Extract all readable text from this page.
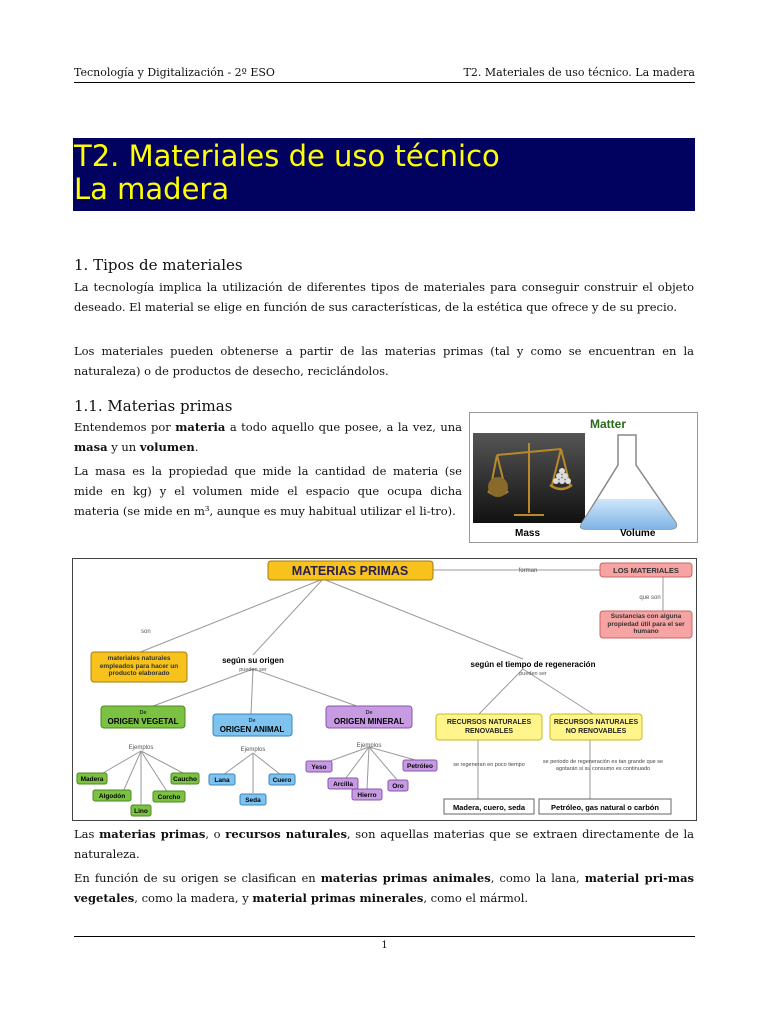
Tecnología y Digitalización - 2º ESO	T2. Materiales de uso técnico. La madera
T2. Materiales de uso técnico
La madera
1. Tipos de materiales

La tecnología implica la utilización de diferentes tipos de materiales para conseguir construir el objeto deseado. El material se elige en función de sus características, de la estética que ofrece y de su precio.

Los materiales pueden obtenerse a partir de las materias primas (tal y como se encuentran en la naturaleza) o de productos de desecho, reciclándolos.

1.1. Materias primas

Entendemos por materia a todo aquello que posee, a la vez, una masa y un volumen.

La masa es la propiedad que mide la cantidad de materia (se mide en kg) y el volumen mide el espacio que ocupa dicha materia (se mide en m³, aunque es muy habitual utilizar el li-tro).

Matter
Mass	Volume
MATERIAS PRIMAS	forman	LOS MATERIALES
que son
Sustancias con alguna propiedad útil para el ser humano
son
materiales naturales empleados para hacer un producto elaborado
según su origen
pueden ser
según el tiempo de regeneración
pueden ser
De
ORIGEN VEGETAL	De
ORIGEN ANIMAL
De
ORIGEN MINERAL
Ejemplos	Ejemplos
Ejemplos
Madera
Algodón
Lino
Corcho
Caucho	Lana
Seda
Cuero
Yeso
Arcilla
Hierro
Oro
Petróleo
RECURSOS NATURALES RENOVABLES
RECURSOS NATURALES NO RENOVABLES
se regeneran en poco tiempo	se periodo de regeneración es tan grande que se agotarán si su consumo es continuado
Madera, cuero, seda	Petróleo, gas natural o carbón

Las materias primas, o recursos naturales, son aquellas materias que se extraen directamente de la naturaleza.

En función de su origen se clasifican en materias primas animales, como la lana, material pri-mas vegetales, como la madera, y material primas minerales, como el mármol.

1
